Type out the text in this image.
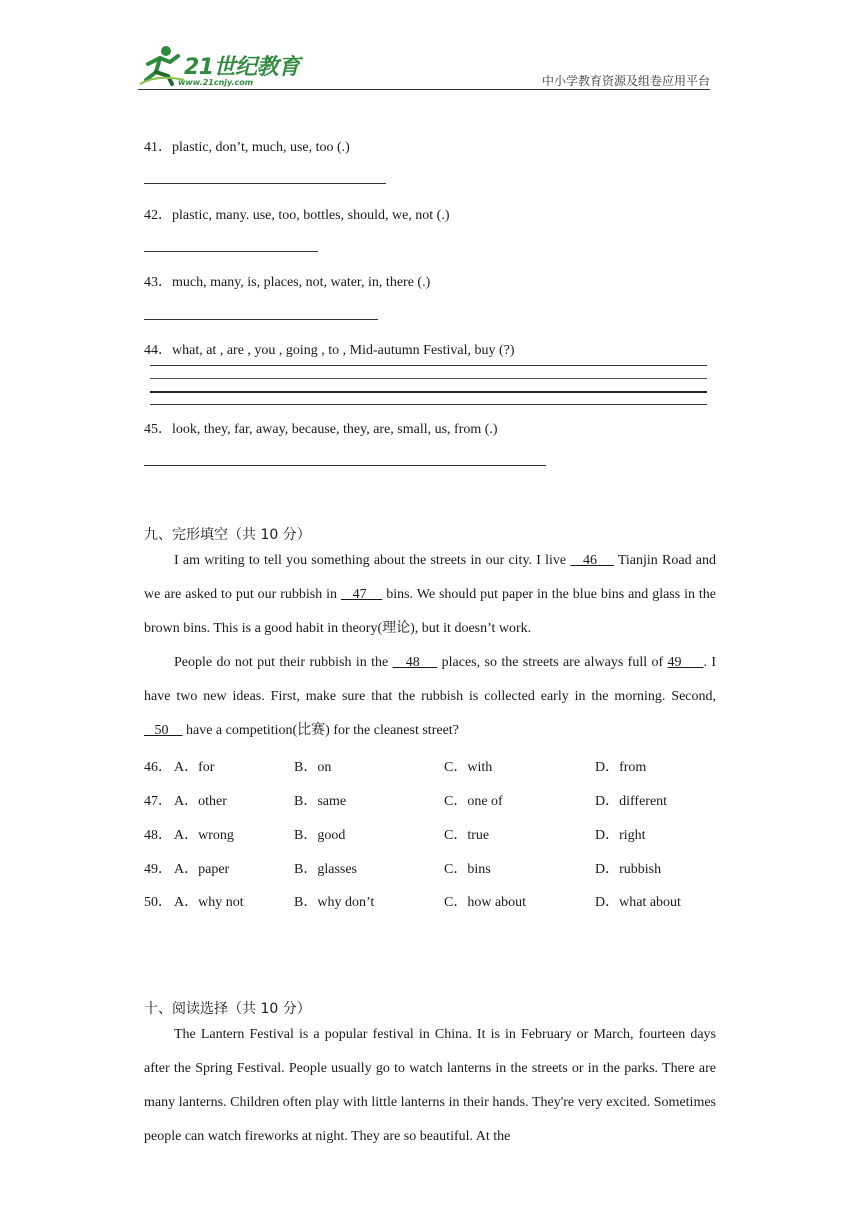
21世纪教育
www.21cnjy.com	中小学教育资源及组卷应用平台
41．plastic, don’t, much, use, too (.)
42．plastic, many. use, too, bottles, should, we, not (.)
43．much, many, is, places, not, water, in, there (.)
44．what, at , are , you , going , to , Mid-autumn Festival, buy (?)
45．look, they, far, away, because, they, are, small, us, from (.)
九、完形填空（共 10 分）
I am writing to tell you something about the streets in our city. I live    46     Tianjin Road and we are asked to put our rubbish in    47     bins. We should put paper in the blue bins and glass in the brown bins. This is a good habit in theory(理论), but it doesn’t work.
People do not put their rubbish in the    48     places, so the streets are always full of 49     . I have two new ideas. First, make sure that the rubbish is collected early in the morning. Second,    50     have a competition(比赛) for the cleanest street?
46． A．for	B．on	C．with	D．from
47． A．other	B．same	C．one of	D．different
48． A．wrong	B．good	C．true	D．right
49． A．paper	B．glasses	C．bins	D．rubbish
50． A．why not	B．why don’t	C．how about	D．what about
十、阅读选择（共 10 分）
The Lantern Festival is a popular festival in China. It is in February or March, fourteen days after the Spring Festival. People usually go to watch lanterns in the streets or in the parks. There are many lanterns. Children often play with little lanterns in their hands. They're very excited. Sometimes people can watch fireworks at night. They are so beautiful. At the
